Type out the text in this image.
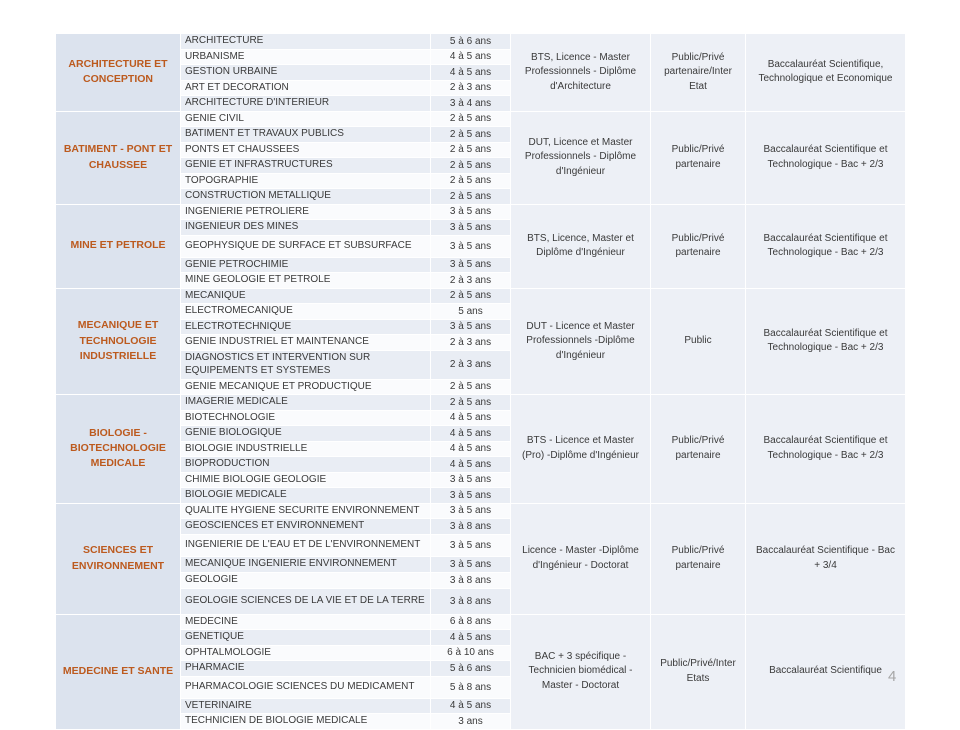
ARCHITECTURE ET CONCEPTION	ARCHITECTURE	5 à 6 ans	BTS, Licence - Master Professionnels - Diplôme d'Architecture	Public/Privé partenaire/Inter Etat	Baccalauréat Scientifique, Technologique et Economique
	URBANISME	4 à 5 ans			
	GESTION URBAINE	4 à 5 ans			
	ART ET DECORATION	2 à 3 ans			
	ARCHITECTURE D'INTERIEUR	3 à 4 ans			
BATIMENT - PONT ET CHAUSSEE	GENIE CIVIL	2 à 5 ans	DUT, Licence et Master Professionnels - Diplôme d'Ingénieur	Public/Privé partenaire	Baccalauréat Scientifique et Technologique - Bac + 2/3
	BATIMENT ET TRAVAUX PUBLICS	2 à 5 ans			
	PONTS ET CHAUSSEES	2 à 5 ans			
	GENIE ET INFRASTRUCTURES	2 à 5 ans			
	TOPOGRAPHIE	2 à 5 ans			
	CONSTRUCTION METALLIQUE	2 à 5 ans			
MINE ET PETROLE	INGENIERIE PETROLIERE	3 à 5 ans	BTS, Licence, Master et Diplôme d'Ingénieur	Public/Privé partenaire	Baccalauréat Scientifique et Technologique - Bac + 2/3
	INGENIEUR DES MINES	3 à 5 ans			
	GEOPHYSIQUE DE SURFACE ET SUBSURFACE	3 à 5 ans			
	GENIE PETROCHIMIE	3 à 5 ans			
	MINE GEOLOGIE ET PETROLE	2 à 3 ans			
MECANIQUE ET TECHNOLOGIE INDUSTRIELLE	MECANIQUE	2 à 5 ans	DUT - Licence et Master Professionnels -Diplôme d'Ingénieur	Public	Baccalauréat Scientifique et Technologique - Bac + 2/3
	ELECTROMECANIQUE	5 ans			
	ELECTROTECHNIQUE	3 à 5 ans			
	GENIE INDUSTRIEL ET MAINTENANCE	2 à 3 ans			
	DIAGNOSTICS ET INTERVENTION SUR EQUIPEMENTS ET SYSTEMES	2 à 3 ans			
	GENIE MECANIQUE ET PRODUCTIQUE	2 à 5 ans			
BIOLOGIE - BIOTECHNOLOGIE MEDICALE	IMAGERIE MEDICALE	2 à 5 ans	BTS - Licence et Master (Pro) -Diplôme d'Ingénieur	Public/Privé partenaire	Baccalauréat Scientifique et Technologique - Bac + 2/3
	BIOTECHNOLOGIE	4 à 5 ans			
	GENIE BIOLOGIQUE	4 à 5 ans			
	BIOLOGIE INDUSTRIELLE	4 à 5 ans			
	BIOPRODUCTION	4 à 5 ans			
	CHIMIE BIOLOGIE GEOLOGIE	3 à 5 ans			
	BIOLOGIE MEDICALE	3 à 5 ans			
SCIENCES ET ENVIRONNEMENT	QUALITE HYGIENE SECURITE ENVIRONNEMENT	3 à 5 ans	Licence - Master -Diplôme d'Ingénieur - Doctorat	Public/Privé partenaire	Baccalauréat Scientifique - Bac + 3/4
	GEOSCIENCES ET ENVIRONNEMENT	3 à 8 ans			
	INGENIERIE DE L'EAU ET DE L'ENVIRONNEMENT	3 à 5 ans			
	MECANIQUE INGENIERIE ENVIRONNEMENT	3 à 5 ans			
	GEOLOGIE	3 à 8 ans			
	GEOLOGIE SCIENCES DE LA VIE ET DE LA TERRE	3 à 8 ans			
MEDECINE ET SANTE	MEDECINE	6 à 8 ans	BAC + 3 spécifique -Technicien biomédical - Master - Doctorat	Public/Privé/Inter Etats	Baccalauréat Scientifique
	GENETIQUE	4 à 5 ans			
	OPHTALMOLOGIE	6 à 10 ans			
	PHARMACIE	5 à 6 ans			
	PHARMACOLOGIE SCIENCES DU MEDICAMENT	5 à 8 ans			
	VETERINAIRE	4 à 5 ans			
	TECHNICIEN DE BIOLOGIE MEDICALE	3 ans			
4
